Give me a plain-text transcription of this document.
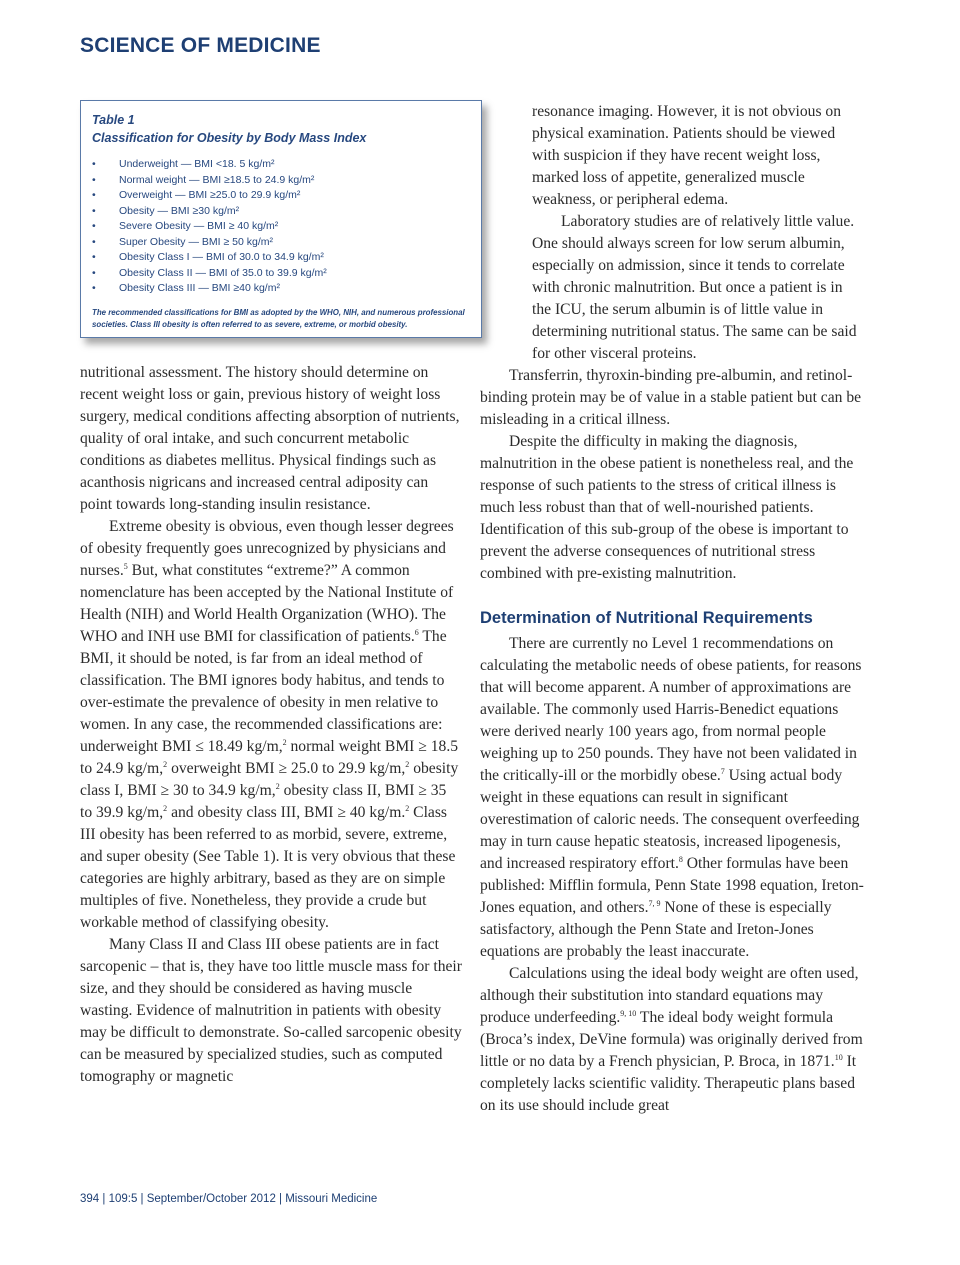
SCIENCE OF MEDICINE
Table 1
Classification for Obesity by Body Mass Index
• Underweight — BMI <18. 5 kg/m²
• Normal weight — BMI ≥18.5 to 24.9 kg/m²
• Overweight — BMI ≥25.0 to 29.9 kg/m²
• Obesity — BMI ≥30 kg/m²
• Severe Obesity — BMI ≥ 40 kg/m²
• Super Obesity — BMI ≥ 50 kg/m²
• Obesity Class I — BMI of 30.0 to 34.9 kg/m²
• Obesity Class II — BMI of 35.0 to 39.9 kg/m²
• Obesity Class III — BMI ≥40 kg/m²
The recommended classifications for BMI as adopted by the WHO, NIH, and numerous professional societies. Class III obesity is often referred to as severe, extreme, or morbid obesity.

nutritional assessment. The history should determine on recent weight loss or gain, previous history of weight loss surgery, medical conditions affecting absorption of nutrients, quality of oral intake, and such concurrent metabolic conditions as diabetes mellitus. Physical findings such as acanthosis nigricans and increased central adiposity can point towards long-standing insulin resistance.

Extreme obesity is obvious, even though lesser degrees of obesity frequently goes unrecognized by physicians and nurses.$^5$ But, what constitutes “extreme?” A common nomenclature has been accepted by the National Institute of Health (NIH) and World Health Organization (WHO). The WHO and INH use BMI for classification of patients.$^6$ The BMI, it should be noted, is far from an ideal method of classification. The BMI ignores body habitus, and tends to over-estimate the prevalence of obesity in men relative to women. In any case, the recommended classifications are: underweight BMI ≤ 18.49 kg/m,$^2$ normal weight BMI ≥ 18.5 to 24.9 kg/m,$^2$ overweight BMI ≥ 25.0 to 29.9 kg/m,$^2$ obesity class I, BMI ≥ 30 to 34.9 kg/m,$^2$ obesity class II, BMI ≥ 35 to 39.9 kg/m,$^2$ and obesity class III, BMI ≥ 40 kg/m.$^2$ Class III obesity has been referred to as morbid, severe, extreme, and super obesity (See Table 1). It is very obvious that these categories are highly arbitrary, based as they are on simple multiples of five. Nonetheless, they provide a crude but workable method of classifying obesity.

Many Class II and Class III obese patients are in fact sarcopenic – that is, they have too little muscle mass for their size, and they should be considered as having muscle wasting. Evidence of malnutrition in patients with obesity may be difficult to demonstrate. So-called sarcopenic obesity can be measured by specialized studies, such as computed tomography or magnetic

resonance imaging. However, it is not obvious on physical examination. Patients should be viewed with suspicion if they have recent weight loss, marked loss of appetite, generalized muscle weakness, or peripheral edema.

Laboratory studies are of relatively little value. One should always screen for low serum albumin, especially on admission, since it tends to correlate with chronic malnutrition. But once a patient is in the ICU, the serum albumin is of little value in determining nutritional status. The same can be said for other visceral proteins.

Transferrin, thyroxin-binding pre-albumin, and retinol-binding protein may be of value in a stable patient but can be misleading in a critical illness.

Despite the difficulty in making the diagnosis, malnutrition in the obese patient is nonetheless real, and the response of such patients to the stress of critical illness is much less robust than that of well-nourished patients. Identification of this sub-group of the obese is important to prevent the adverse consequences of nutritional stress combined with pre-existing malnutrition.

Determination of Nutritional Requirements

There are currently no Level 1 recommendations on calculating the metabolic needs of obese patients, for reasons that will become apparent. A number of approximations are available. The commonly used Harris-Benedict equations were derived nearly 100 years ago, from normal people weighing up to 250 pounds. They have not been validated in the critically-ill or the morbidly obese.$^7$ Using actual body weight in these equations can result in significant overestimation of caloric needs. The consequent overfeeding may in turn cause hepatic steatosis, increased lipogenesis, and increased respiratory effort.$^8$ Other formulas have been published: Mifflin formula, Penn State 1998 equation, Ireton-Jones equation, and others.$^{7, 9}$ None of these is especially satisfactory, although the Penn State and Ireton-Jones equations are probably the least inaccurate.

Calculations using the ideal body weight are often used, although their substitution into standard equations may produce underfeeding.$^{9, 10}$ The ideal body weight formula (Broca’s index, DeVine formula) was originally derived from little or no data by a French physician, P. Broca, in 1871.10 It completely lacks scientific validity. Therapeutic plans based on its use should include great

394 | 109:5 | September/October 2012 | Missouri Medicine
